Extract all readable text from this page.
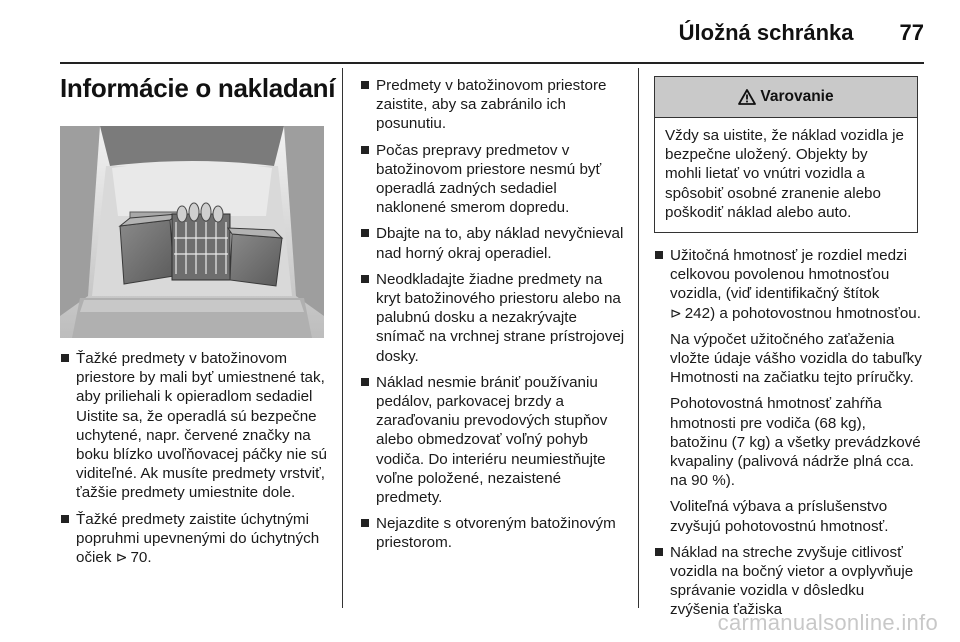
Úložná schránka 77
Informácie o nakladaní

Ťažké predmety v batožinovom priestore by mali byť umiestnené tak, aby priliehali k opieradlom sedadiel Uistite sa, že operadlá sú bezpečne uchytené, napr. červené značky na boku blízko uvoľňovacej páčky nie sú viditeľné. Ak musíte predmety vrstviť, ťažšie predmety umiestnite dole.

Ťažké predmety zaistite úchytnými popruhmi upevnenými do úchytných očiek ⊳ 70.

Predmety v batožinovom priestore zaistite, aby sa zabránilo ich posunutiu.

Počas prepravy predmetov v batožinovom priestore nesmú byť operadlá zadných sedadiel naklonené smerom dopredu.

Dbajte na to, aby náklad nevyčnieval nad horný okraj operadiel.

Neodkladajte žiadne predmety na kryt batožinového priestoru alebo na palubnú dosku a nezakrývajte snímač na vrchnej strane prístrojovej dosky.

Náklad nesmie brániť používaniu pedálov, parkovacej brzdy a zaraďovaniu prevodových stupňov alebo obmedzovať voľný pohyb vodiča. Do interiéru neumiestňujte voľne položené, nezaistené predmety.

Nejazdite s otvoreným batožinovým priestorom.

Varovanie
Vždy sa uistite, že náklad vozidla je bezpečne uložený. Objekty by mohli lietať vo vnútri vozidla a spôsobiť osobné zranenie alebo poškodiť náklad alebo auto.

Užitočná hmotnosť je rozdiel medzi celkovou povolenou hmotnosťou vozidla, (viď identifikačný štítok
⊳ 242) a pohotovostnou hmotnosťou.

Na výpočet užitočného zaťaženia vložte údaje vášho vozidla do tabuľky Hmotnosti na začiatku tejto príručky.

Pohotovostná hmotnosť zahŕňa hmotnosti pre vodiča (68 kg), batožinu (7 kg) a všetky prevádzkové kvapaliny (palivová nádrže plná cca. na 90 %).

Voliteľná výbava a príslušenstvo zvyšujú pohotovostnú hmotnosť.

Náklad na streche zvyšuje citlivosť vozidla na bočný vietor a ovplyvňuje správanie vozidla v dôsledku zvýšenia ťažiska

carmanualsonline.info
